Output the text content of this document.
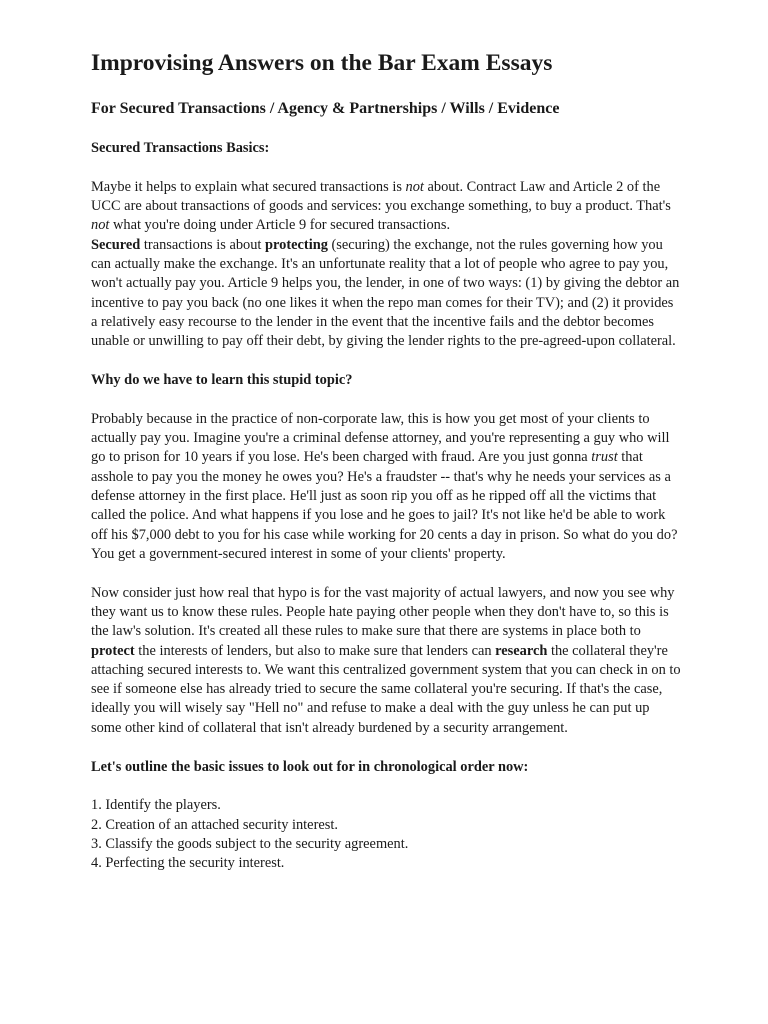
Improvising Answers on the Bar Exam Essays
For Secured Transactions / Agency & Partnerships / Wills / Evidence
Secured Transactions Basics:

Maybe it helps to explain what secured transactions is not about. Contract Law and Article 2 of the UCC are about transactions of goods and services: you exchange something, to buy a product. That's not what you're doing under Article 9 for secured transactions.
Secured transactions is about protecting (securing) the exchange, not the rules governing how you can actually make the exchange. It's an unfortunate reality that a lot of people who agree to pay you, won't actually pay you. Article 9 helps you, the lender, in one of two ways: (1) by giving the debtor an incentive to pay you back (no one likes it when the repo man comes for their TV); and (2) it provides a relatively easy recourse to the lender in the event that the incentive fails and the debtor becomes unable or unwilling to pay off their debt, by giving the lender rights to the pre-agreed-upon collateral.

Why do we have to learn this stupid topic?

Probably because in the practice of non-corporate law, this is how you get most of your clients to actually pay you. Imagine you're a criminal defense attorney, and you're representing a guy who will go to prison for 10 years if you lose. He's been charged with fraud. Are you just gonna trust that asshole to pay you the money he owes you? He's a fraudster -- that's why he needs your services as a defense attorney in the first place. He'll just as soon rip you off as he ripped off all the victims that called the police. And what happens if you lose and he goes to jail? It's not like he'd be able to work off his $7,000 debt to you for his case while working for 20 cents a day in prison. So what do you do? You get a government-secured interest in some of your clients' property.

Now consider just how real that hypo is for the vast majority of actual lawyers, and now you see why they want us to know these rules. People hate paying other people when they don't have to, so this is the law's solution. It's created all these rules to make sure that there are systems in place both to protect the interests of lenders, but also to make sure that lenders can research the collateral they're attaching secured interests to. We want this centralized government system that you can check in on to see if someone else has already tried to secure the same collateral you're securing. If that's the case, ideally you will wisely say "Hell no" and refuse to make a deal with the guy unless he can put up some other kind of collateral that isn't already burdened by a security arrangement.

Let's outline the basic issues to look out for in chronological order now:
1. Identify the players.
2. Creation of an attached security interest.
3. Classify the goods subject to the security agreement.
4. Perfecting the security interest.
